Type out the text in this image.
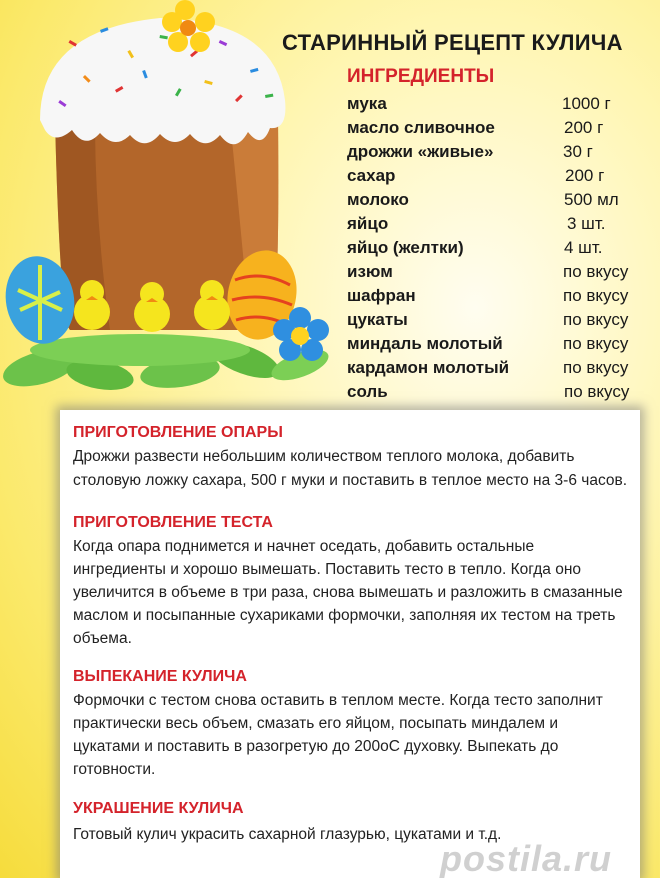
СТАРИННЫЙ РЕЦЕПТ КУЛИЧА
ИНГРЕДИЕНТЫ
мука	1000 г
масло сливочное	200 г
дрожжи «живые»	30 г
сахар	200 г
молоко	500 мл
яйцо	3 шт.
яйцо (желтки)	4 шт.
изюм	по вкусу
шафран	по вкусу
цукаты	по вкусу
миндаль молотый	по вкусу
кардамон молотый	по вкусу
соль	по вкусу
ПРИГОТОВЛЕНИЕ ОПАРЫ
Дрожжи развести небольшим количеством теплого молока, добавить
столовую ложку сахара, 500 г муки и поставить в теплое место на 3-6 часов.
ПРИГОТОВЛЕНИЕ ТЕСТА
Когда опара поднимется и начнет оседать, добавить остальные
ингредиенты и хорошо вымешать. Поставить тесто в тепло. Когда оно
увеличится в объеме в три раза, снова вымешать и разложить в смазанные
маслом и посыпанные сухариками формочки, заполняя их тестом на треть
объема.
ВЫПЕКАНИЕ КУЛИЧА
Формочки с тестом снова оставить в теплом месте. Когда тесто заполнит
практически весь объем, смазать его яйцом, посыпать миндалем и
цукатами и поставить в разогретую до 200оС духовку. Выпекать до
готовности.
УКРАШЕНИЕ КУЛИЧА
Готовый кулич украсить сахарной глазурью, цукатами и т.д.
postila.ru
